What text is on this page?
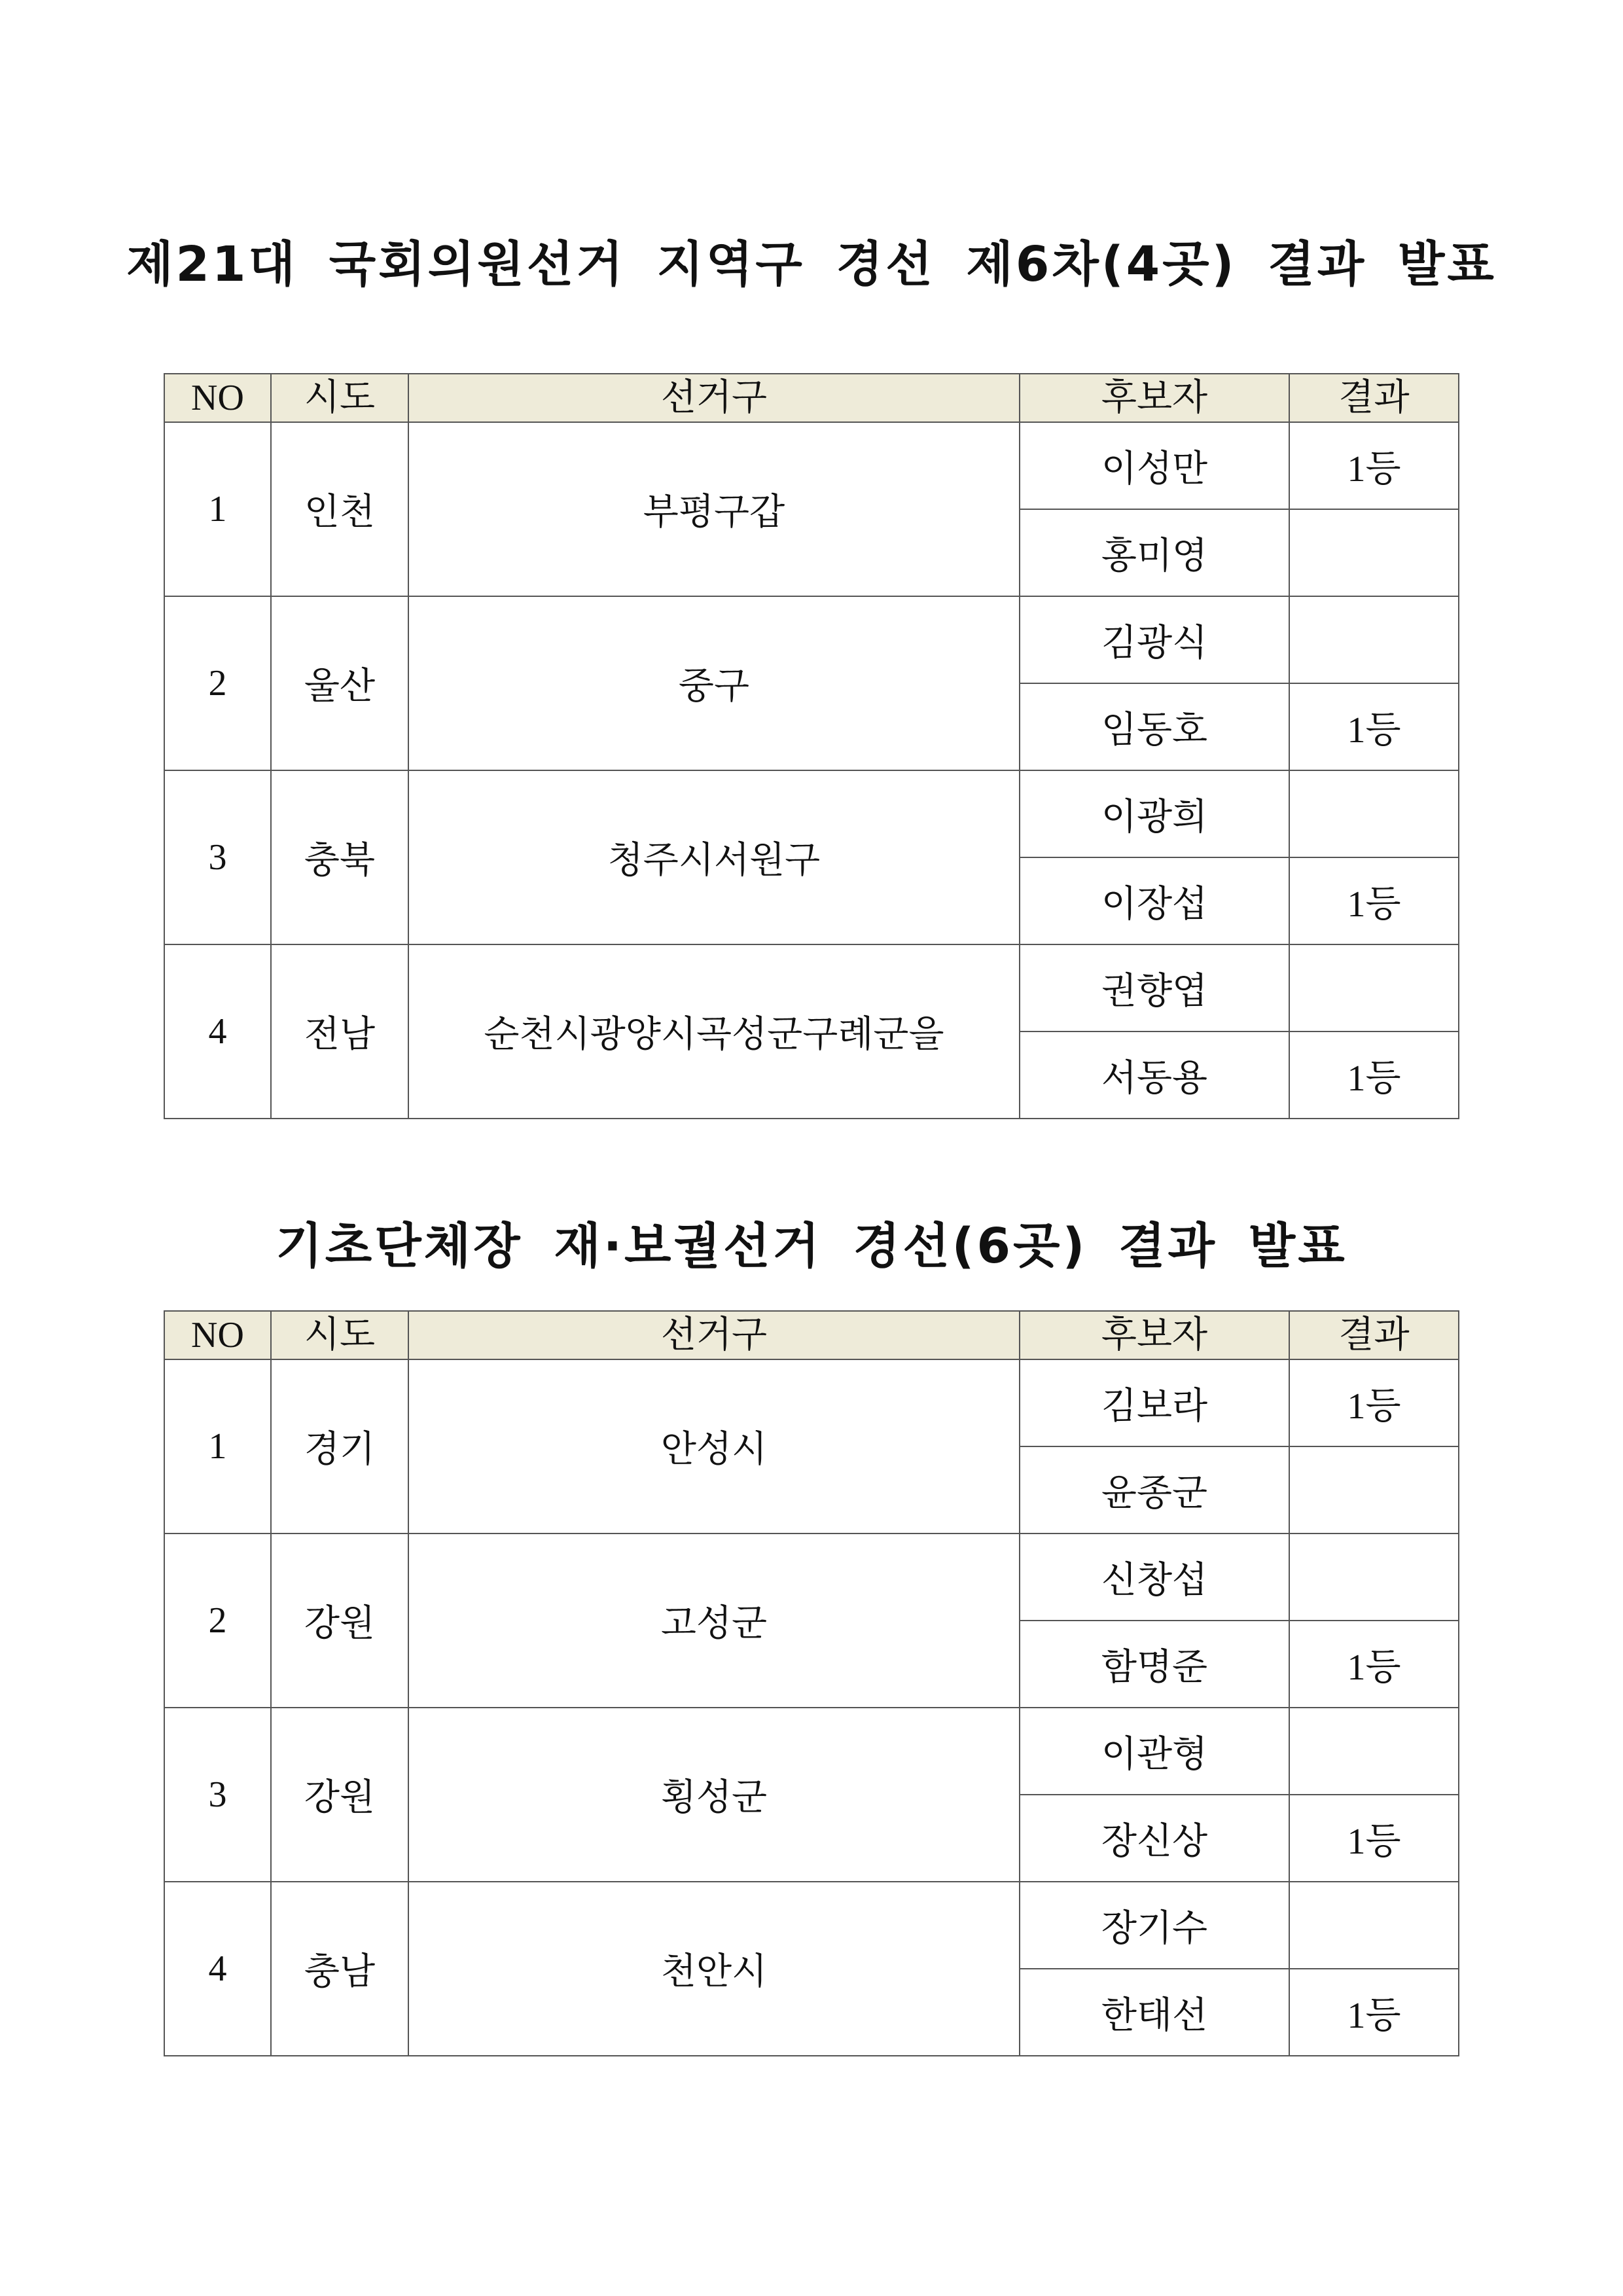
제21대 국회의원선거 지역구 경선 제6차(4곳) 결과 발표
NO	시도	선거구	후보자	결과
1	인천	부평구갑	이성만	1등
			홍미영	
2	울산	중구	김광식	
			임동호	1등
3	충북	청주시서원구	이광희	
			이장섭	1등
4	전남	순천시광양시곡성군구례군을	권향엽	
			서동용	1등
기초단체장 재·보궐선거 경선(6곳) 결과 발표
NO	시도	선거구	후보자	결과
1	경기	안성시	김보라	1등
			윤종군	
2	강원	고성군	신창섭	
			함명준	1등
3	강원	횡성군	이관형	
			장신상	1등
4	충남	천안시	장기수	
			한태선	1등
